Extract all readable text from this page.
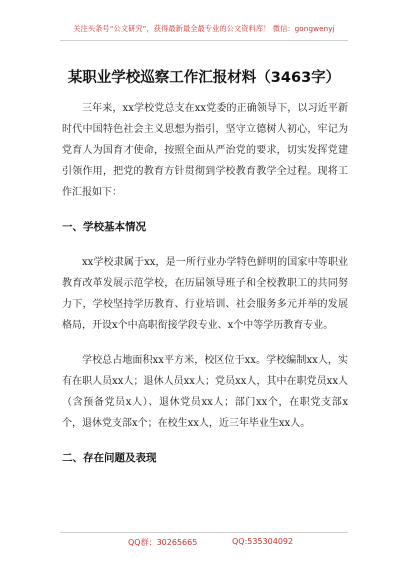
关注头条号“公文研究”，获得最新最全最专业的公文资料库！ 微信：gongwenyj
某职业学校巡察工作汇报材料（3463字）

三年来，xx学校党总支在xx党委的正确领导下，以习近平新时代中国特色社会主义思想为指引，坚守立德树人初心，牢记为党育人为国育才使命，按照全面从严治党的要求，切实发挥党建引领作用，把党的教育方针贯彻到学校教育教学全过程。现将工作汇报如下：

一、学校基本情况

xx学校隶属于xx，是一所行业办学特色鲜明的国家中等职业教育改革发展示范学校，在历届领导班子和全校教职工的共同努力下，学校坚持学历教育、行业培训、社会服务多元并举的发展格局，开设x个中高职衔接学段专业、x个中等学历教育专业。

学校总占地面积xx平方米，校区位于xx。学校编制xx人，实有在职人员xx人；退休人员xx人；党员xx人，其中在职党员xx人（含预备党员x人）、退休党员xx人；部门xx个，在职党支部x个，退休党支部x个；在校生xx人，近三年毕业生xx人。

二、存在问题及表现

QQ群：30265665	QQ:535304092
